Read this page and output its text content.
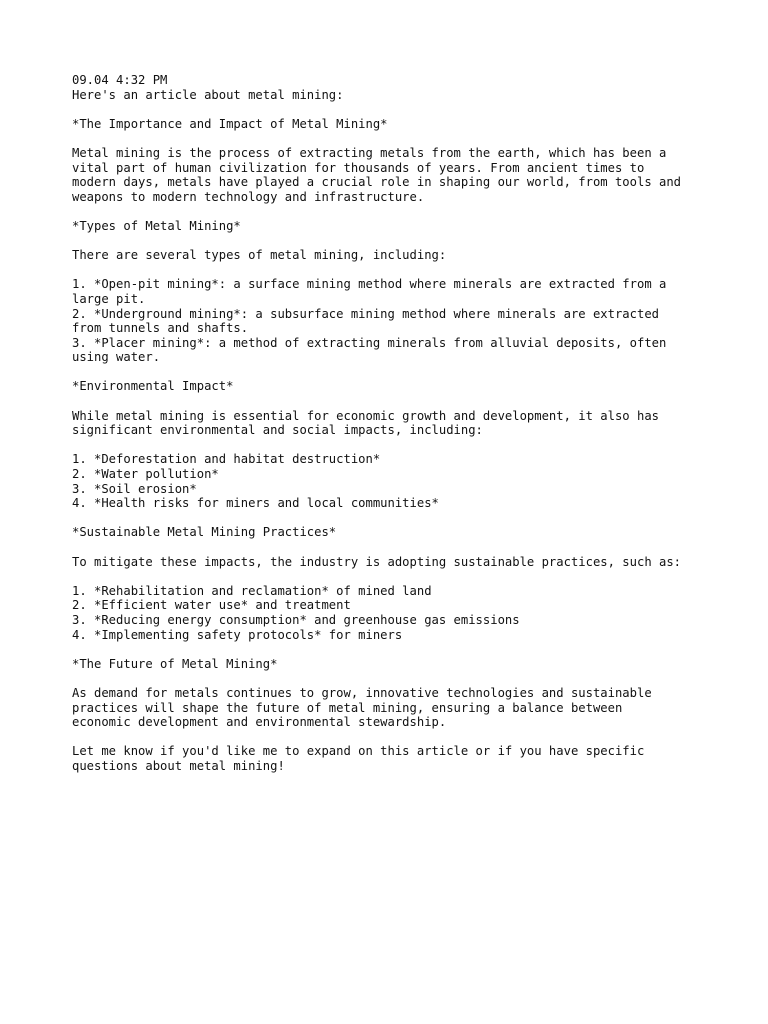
09.04 4:32 PM
Here's an article about metal mining:
*The Importance and Impact of Metal Mining*
Metal mining is the process of extracting metals from the earth, which has been a
vital part of human civilization for thousands of years. From ancient times to
modern days, metals have played a crucial role in shaping our world, from tools and
weapons to modern technology and infrastructure.
*Types of Metal Mining*
There are several types of metal mining, including:
1. *Open-pit mining*: a surface mining method where minerals are extracted from a
large pit.
2. *Underground mining*: a subsurface mining method where minerals are extracted
from tunnels and shafts.
3. *Placer mining*: a method of extracting minerals from alluvial deposits, often
using water.
*Environmental Impact*
While metal mining is essential for economic growth and development, it also has
significant environmental and social impacts, including:
1. *Deforestation and habitat destruction*
2. *Water pollution*
3. *Soil erosion*
4. *Health risks for miners and local communities*
*Sustainable Metal Mining Practices*
To mitigate these impacts, the industry is adopting sustainable practices, such as:
1. *Rehabilitation and reclamation* of mined land
2. *Efficient water use* and treatment
3. *Reducing energy consumption* and greenhouse gas emissions
4. *Implementing safety protocols* for miners
*The Future of Metal Mining*
As demand for metals continues to grow, innovative technologies and sustainable
practices will shape the future of metal mining, ensuring a balance between
economic development and environmental stewardship.
Let me know if you'd like me to expand on this article or if you have specific
questions about metal mining!
